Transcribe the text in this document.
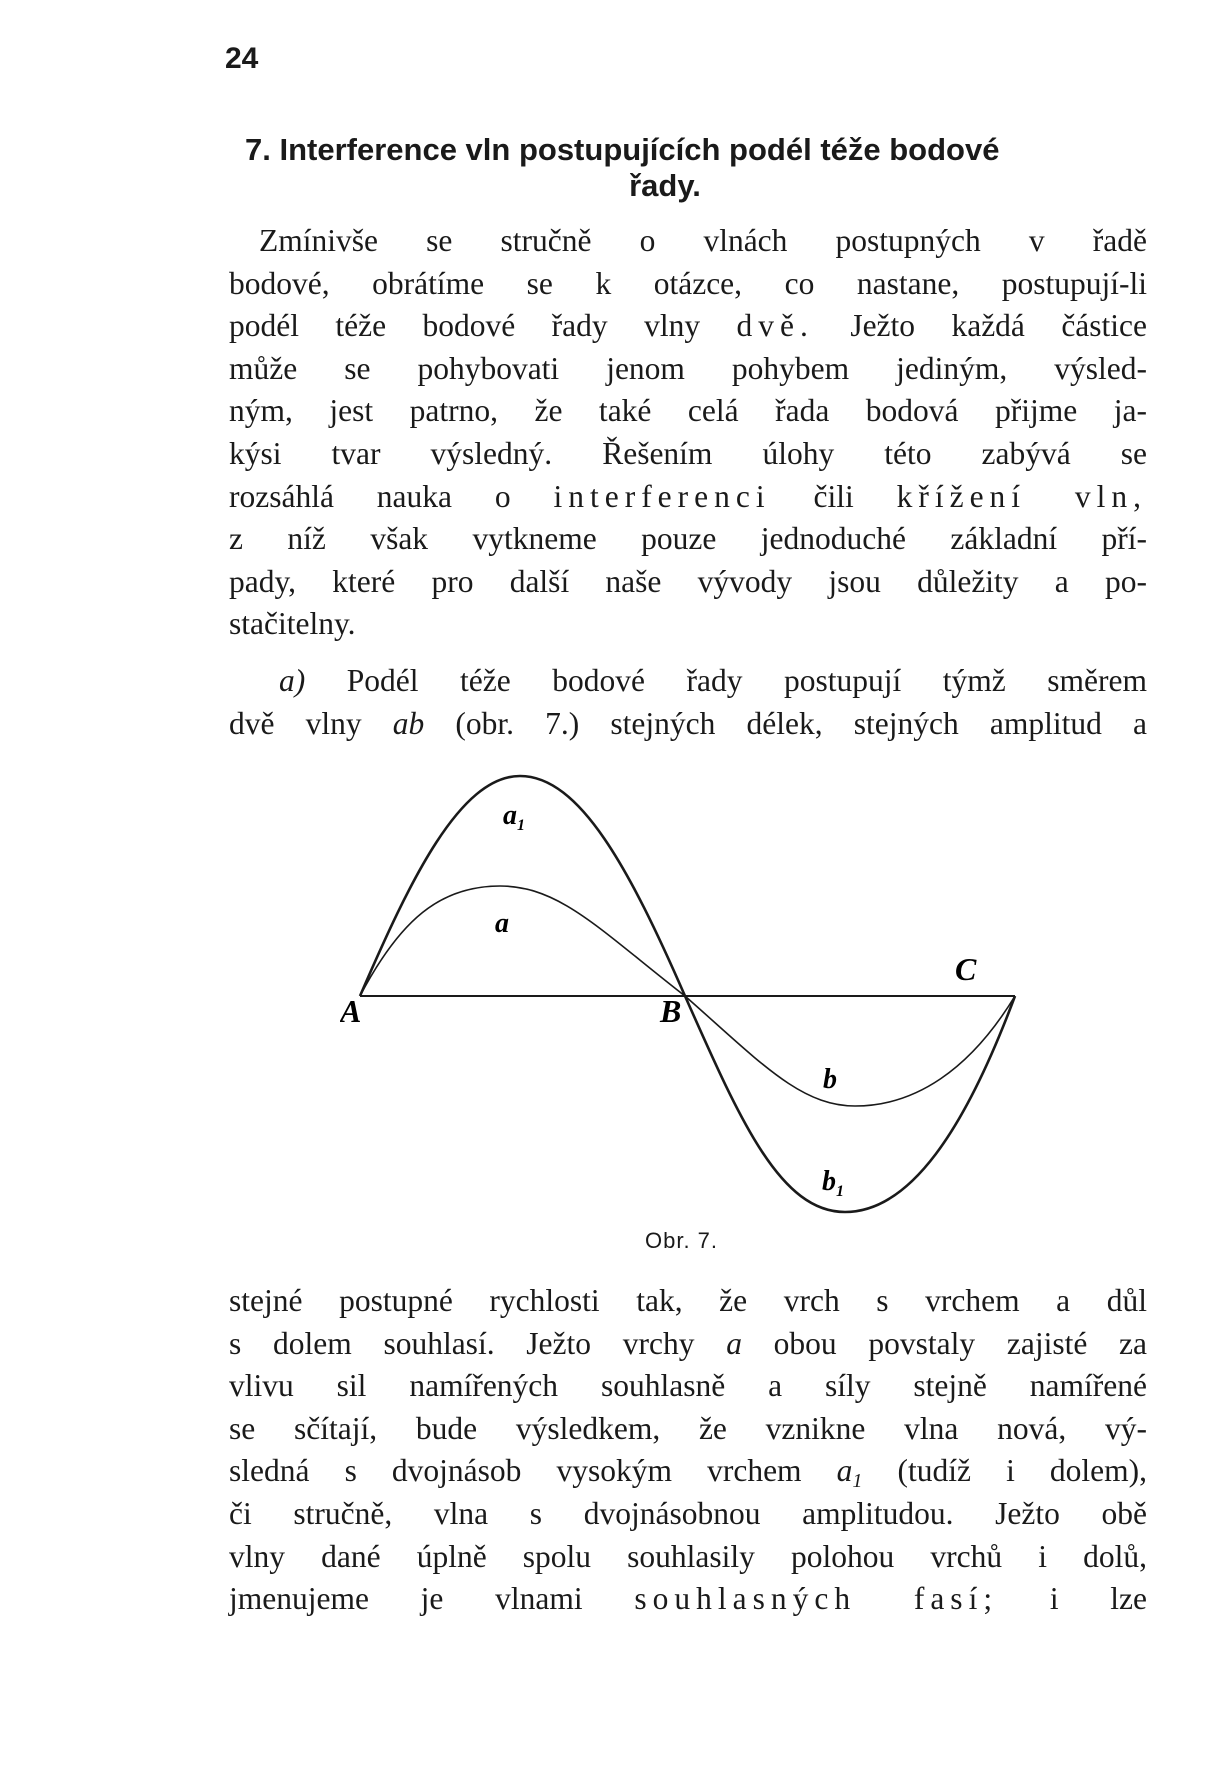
24
7. Interference vln postupujících podél téže bodové
řady.
Zmínivše se stručně o vlnách postupných v řadě
bodové, obrátíme se k otázce, co nastane, postupují-li
podél téže bodové řady vlny dvě. Ježto každá částice
může se pohybovati jenom pohybem jediným, výsled-
ným, jest patrno, že také celá řada bodová přijme ja-
kýsi tvar výsledný. Řešením úlohy této zabývá se
rozsáhlá nauka o interferenci čili křížení vln,
z níž však vytkneme pouze jednoduché základní pří-
pady, které pro další naše vývody jsou důležity a po-
stačitelny.
a) Podél téže bodové řady postupují týmž směrem
dvě vlny ab (obr. 7.) stejných délek, stejných amplitud a
A	B
C
a
$a_1$
b
$b_1$
Obr. 7.
stejné postupné rychlosti tak, že vrch s vrchem a důl
s dolem souhlasí. Ježto vrchy a obou povstaly zajisté za
vlivu sil namířených souhlasně a síly stejně namířené
se sčítají, bude výsledkem, že vznikne vlna nová, vý-
sledná s dvojnásob vysokým vrchem $a_1$ (tudíž i dolem),
či stručně, vlna s dvojnásobnou amplitudou. Ježto obě
vlny dané úplně spolu souhlasily polohou vrchů i dolů,
jmenujeme je vlnami souhlasných fasí; i lze
